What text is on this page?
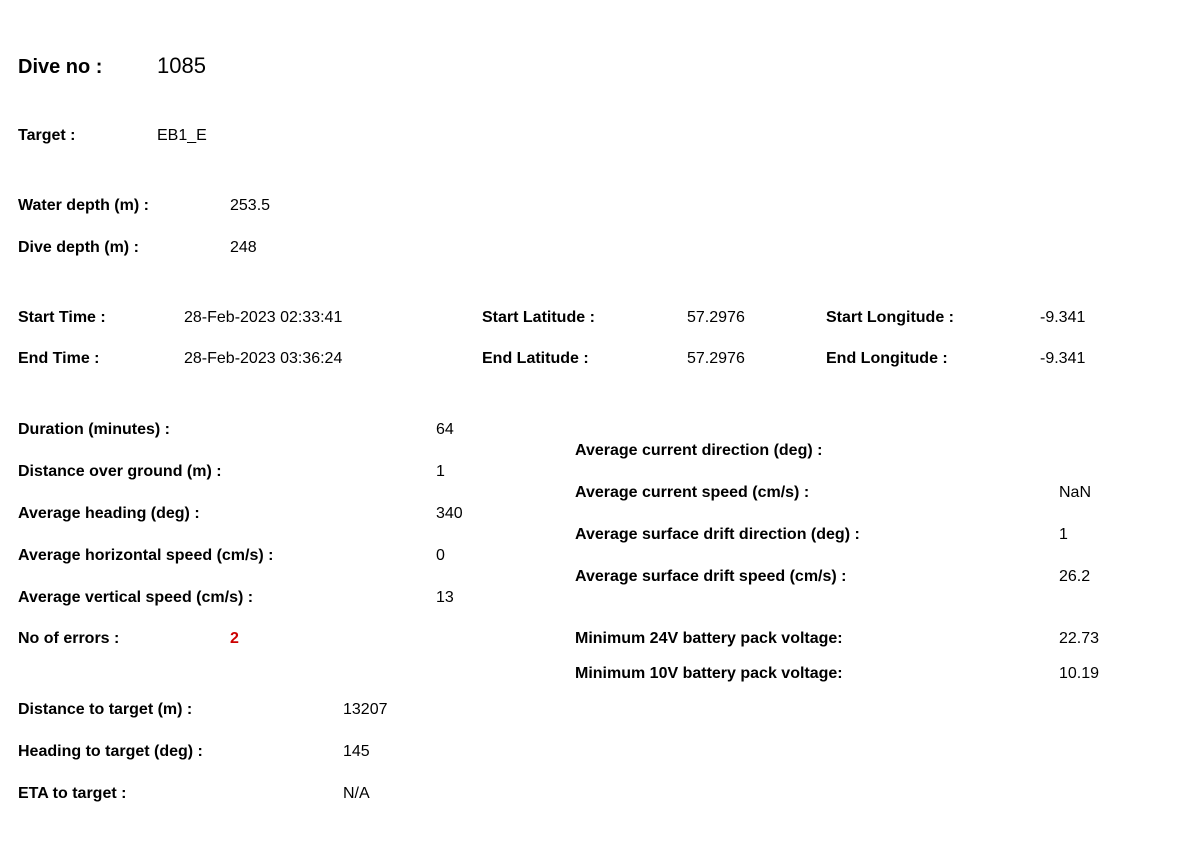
Dive no : 1085
Target :	EB1_E
Water depth (m) :	253.5
Dive depth (m) :	248
Start Time :	28-Feb-2023 02:33:41	Start Latitude :	57.2976	Start Longitude :	-9.341
End Time :	28-Feb-2023 03:36:24	End Latitude :	57.2976	End Longitude :	-9.341
Duration (minutes) :	64
Distance over ground (m) :	1
Average heading (deg) :	340
Average horizontal speed (cm/s) :	0
Average vertical speed (cm/s) :	13
No of errors :	2
Average current direction (deg) :
Average current speed (cm/s) :	NaN
Average surface drift direction (deg) :	1
Average surface drift speed (cm/s) :	26.2
Minimum 24V battery pack voltage:	22.73
Minimum 10V battery pack voltage:	10.19
Distance to target (m) :	13207
Heading to target (deg) :	145
ETA to target :	N/A
